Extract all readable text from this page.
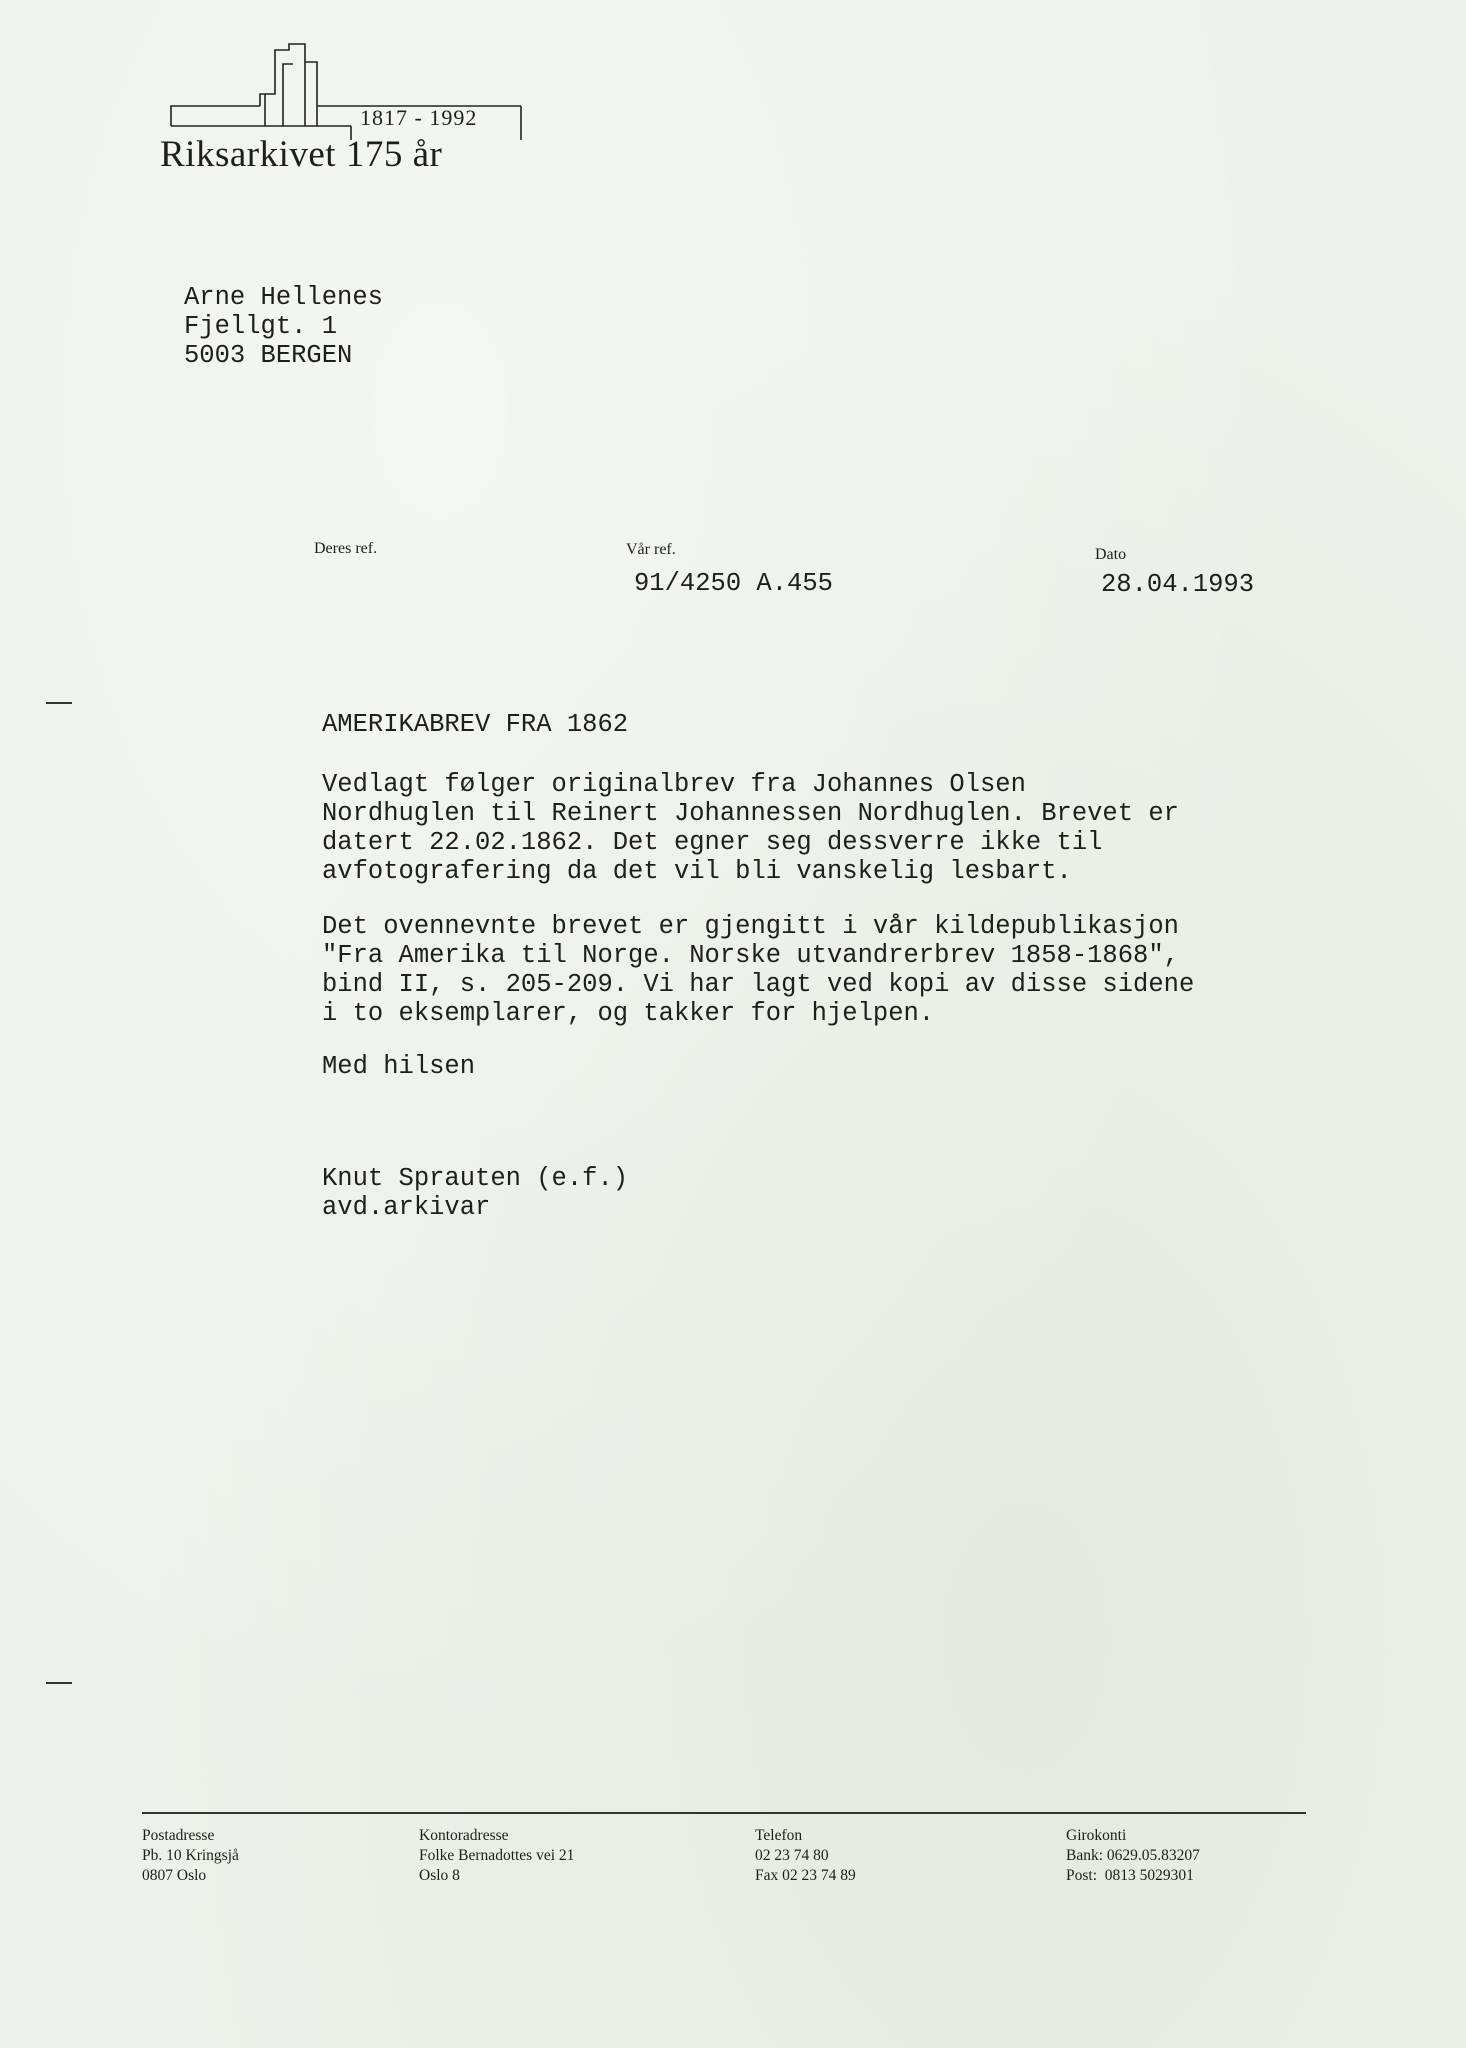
1817 - 1992
Riksarkivet 175 år
Arne Hellenes
Fjellgt. 1
5003 BERGEN
Deres ref.	Vår ref.
91/4250 A.455
Dato
28.04.1993
AMERIKABREV FRA 1862
Vedlagt følger originalbrev fra Johannes Olsen
Nordhuglen til Reinert Johannessen Nordhuglen. Brevet er
datert 22.02.1862. Det egner seg dessverre ikke til
avfotografering da det vil bli vanskelig lesbart.
Det ovennevnte brevet er gjengitt i vår kildepublikasjon
"Fra Amerika til Norge. Norske utvandrerbrev 1858-1868",
bind II, s. 205-209. Vi har lagt ved kopi av disse sidene
i to eksemplarer, og takker for hjelpen.
Med hilsen
Knut Sprauten (e.f.)
avd.arkivar
Postadresse
Pb. 10 Kringsjå
0807 Oslo
Kontoradresse
Folke Bernadottes vei 21
Oslo 8
Telefon
02 23 74 80
Fax 02 23 74 89
Girokonti
Bank: 0629.05.83207
Post:  0813 5029301
